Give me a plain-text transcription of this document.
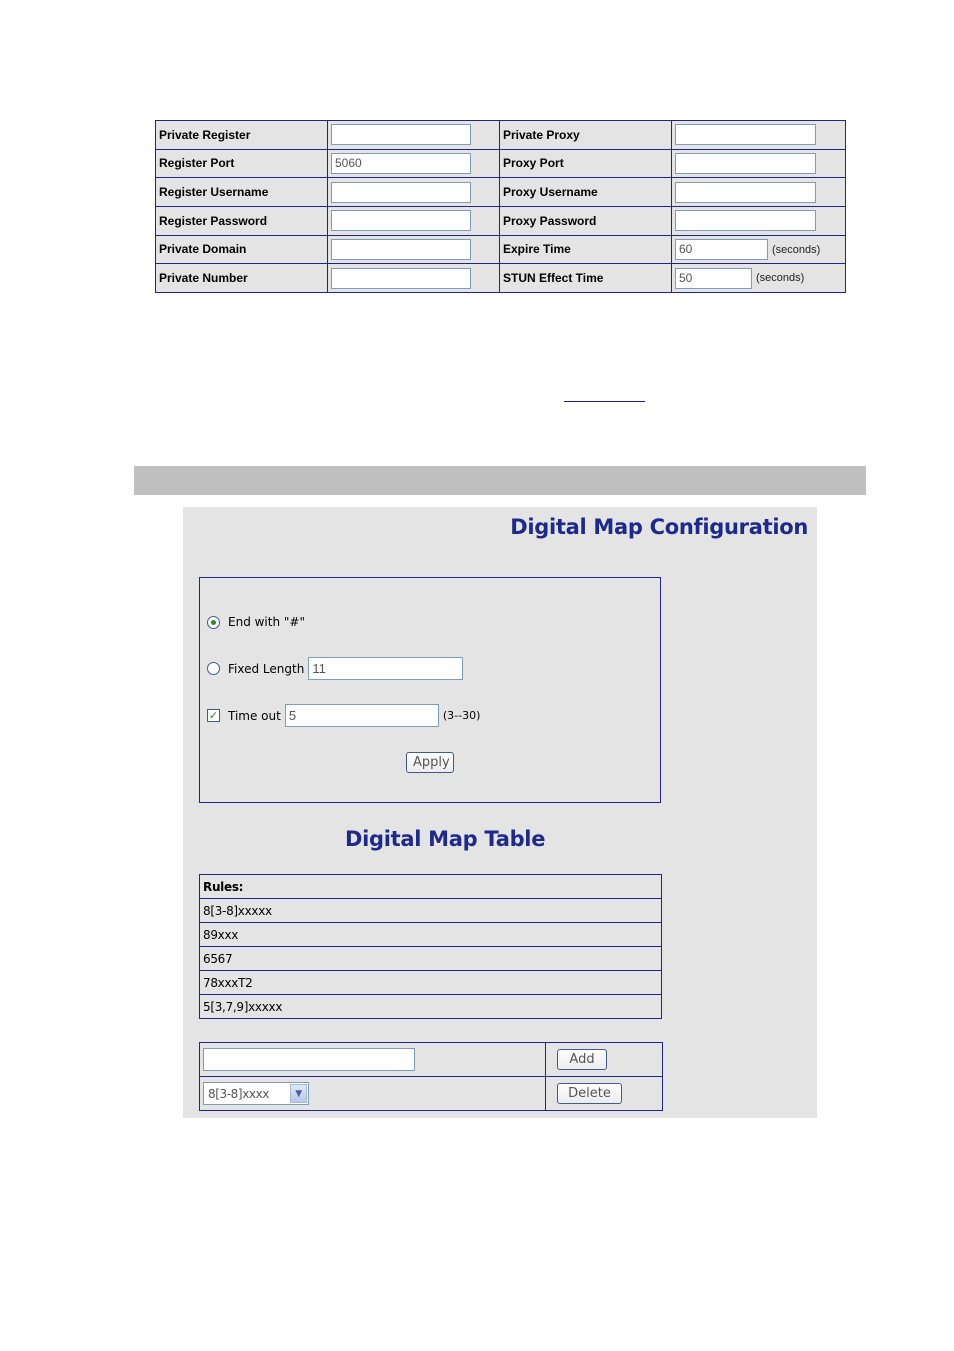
Private Register		Private Proxy	
Register Port	5060	Proxy Port	
Register Username		Proxy Username	
Register Password		Proxy Password	
Private Domain		Expire Time	60(seconds)
Private Number		STUN Effect Time	50(seconds)
Digital Map Configuration
End with "#"
Fixed Length
11
✓ Time out
5	(3--30)
Apply
Digital Map Table
Rules:
8[3-8]xxxxx
89xxx
6567
78xxxT2
5[3,7,9]xxxxx
	Add

8[3-8]xxxx ▼	Delete
